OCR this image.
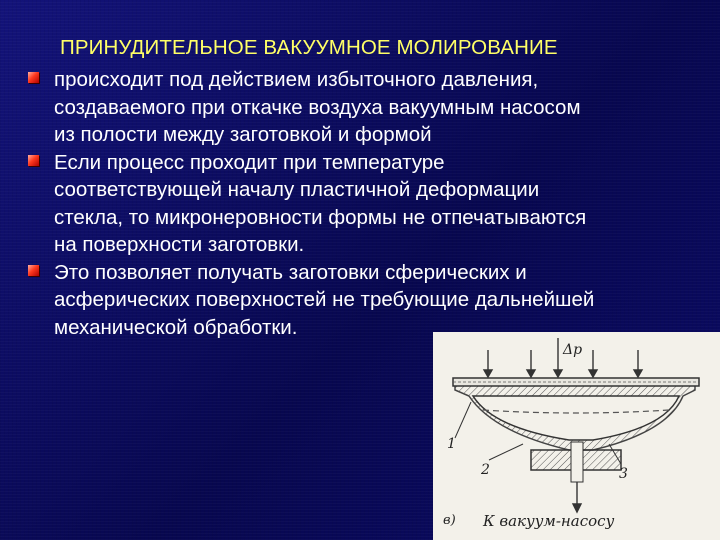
ПРИНУДИТЕЛЬНОЕ ВАКУУМНОЕ МОЛИРОВАНИЕ
происходит под действием избыточного давления,
создаваемого при откачке воздуха вакуумным насосом
из полости между заготовкой и формой
Если процесс проходит при температуре
соответствующей началу пластичной деформации
стекла, то микронеровности формы не отпечатываются
на поверхности заготовки.
Это позволяет получать заготовки сферических и
асферических поверхностей не требующие дальнейшей
механической обработки.
Δр
1
2	3
в) К вакуум-насосу
